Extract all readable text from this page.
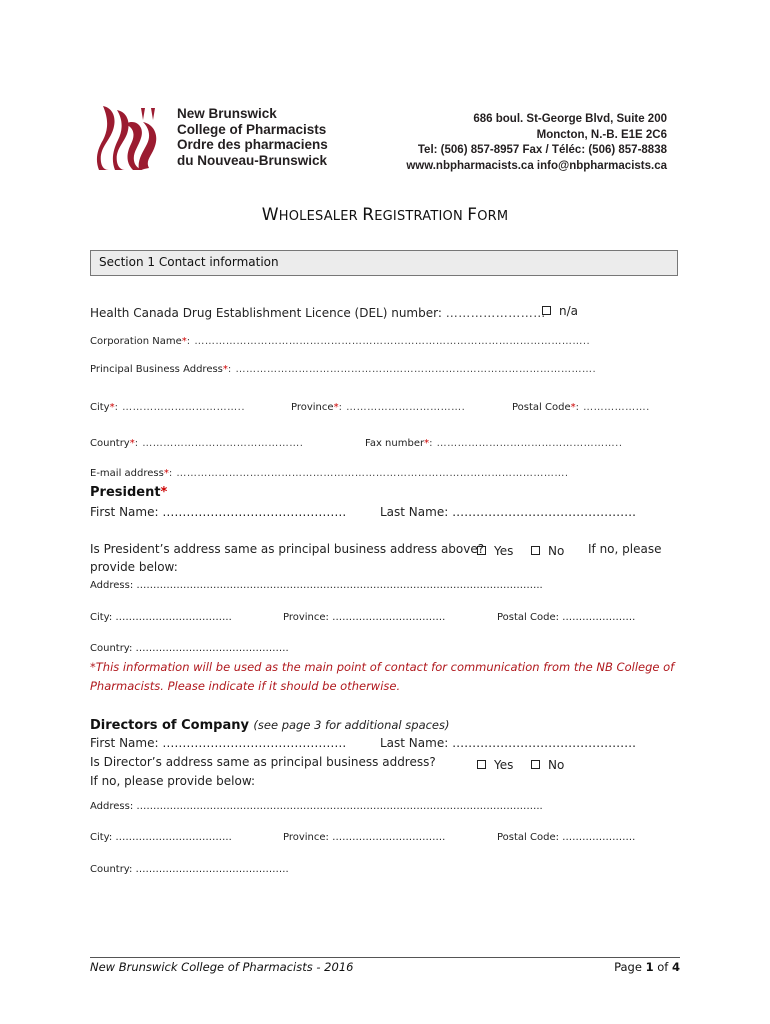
New Brunswick
College of Pharmacists
Ordre des pharmaciens
du Nouveau-Brunswick
686 boul. St-George Blvd, Suite 200
Moncton, N.-B. E1E 2C6
Tel: (506) 857-8957 Fax / Téléc: (506) 857-8838
www.nbpharmacists.ca info@nbpharmacists.ca
WHOLESALER REGISTRATION FORM
Section 1 Contact information
Health Canada Drug Establishment Licence (DEL) number: ……………………	n/a
Corporation Name*: …………………………………………………………………………………………………..
Principal Business Address*: ………………………………………………………………………………………….
City*: ……………………………..	Province*: …………………………….	Postal Code*: ……………….
Country*: ……………………………………….	Fax number*: ……………………………………………..
E-mail address*: ………………………………………………………………………………………………….
President*
First Name: ……………………………………….	Last Name: ……………………………………….
Is President’s address same as principal business address above? Yes	No If no, please
provide below:
Address: …………………………………………………………………………………………………………..
City: ……………………………..	Province: …………………………….	Postal Code: ………………….
Country: ……………………………………….
*This information will be used as the main point of contact for communication from the NB College of
Pharmacists. Please indicate if it should be otherwise.
Directors of Company (see page 3 for additional spaces)
First Name: ……………………………………….	Last Name: ……………………………………….
Is Director’s address same as principal business address?	Yes	No
If no, please provide below:
Address: …………………………………………………………………………………………………………..
City: ……………………………..	Province: …………………………….	Postal Code: ………………….
Country: ……………………………………….
New Brunswick College of Pharmacists - 2016	Page 1 of 4
